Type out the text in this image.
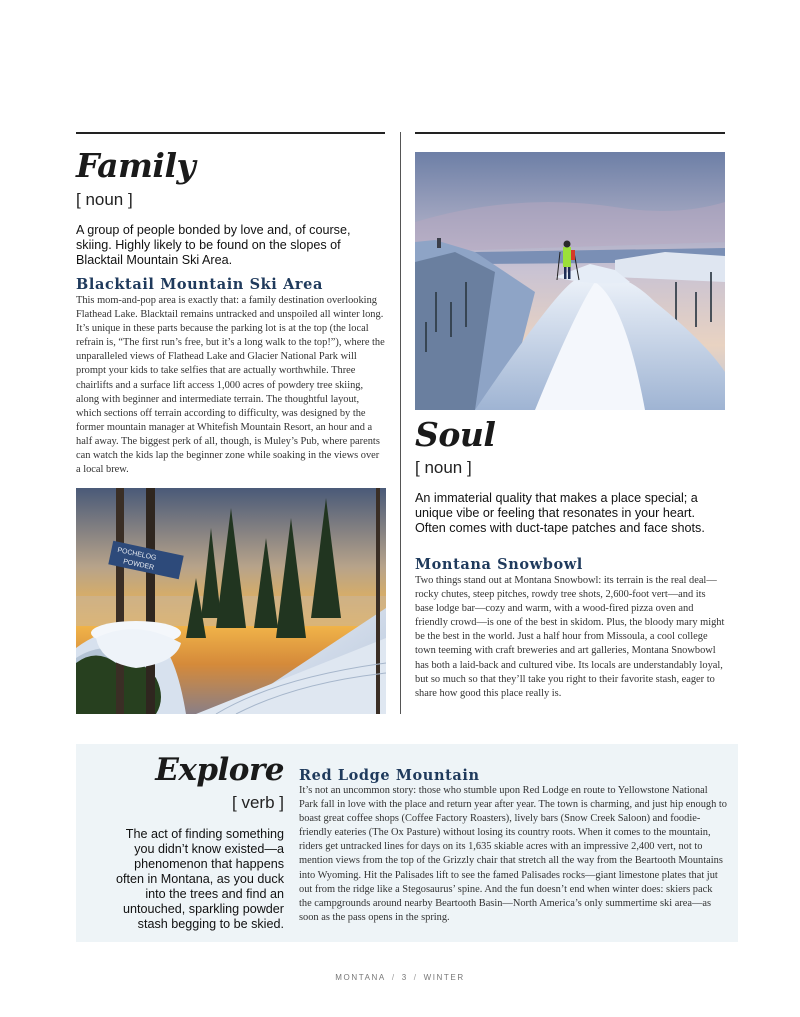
Family
[ noun ]
A group of people bonded by love and, of course, skiing. Highly likely to be found on the slopes of Blacktail Mountain Ski Area.
Blacktail Mountain Ski Area
This mom-and-pop area is exactly that: a family destination overlooking Flathead Lake. Blacktail remains untracked and unspoiled all winter long. It’s unique in these parts because the parking lot is at the top (the local refrain is, “The first run’s free, but it’s a long walk to the top!”), where the unparalleled views of Flathead Lake and Glacier National Park will prompt your kids to take selfies that are actually worthwhile. Three chairlifts and a surface lift access 1,000 acres of powdery tree skiing, along with beginner and intermediate terrain. The thoughtful layout, which sections off terrain according to difficulty, was designed by the former mountain manager at Whitefish Mountain Resort, an hour and a half away. The biggest perk of all, though, is Muley’s Pub, where parents can watch the kids lap the beginner zone while soaking in the views over a local brew.
POCHELOG
POWDER
Soul
[ noun ]
An immaterial quality that makes a place special; a unique vibe or feeling that resonates in your heart. Often comes with duct-tape patches and face shots.
Montana Snowbowl
Two things stand out at Montana Snowbowl: its terrain is the real deal—rocky chutes, steep pitches, rowdy tree shots, 2,600-foot vert—and its base lodge bar—cozy and warm, with a wood-fired pizza oven and friendly crowd—is one of the best in skidom. Plus, the bloody mary might be the best in the world. Just a half hour from Missoula, a cool college town teeming with craft breweries and art galleries, Montana Snowbowl has both a laid-back and cultured vibe. Its locals are understandably loyal, but so much so that they’ll take you right to their favorite stash, eager to share how good this place really is.
Explore
[ verb ]
The act of finding something you didn’t know existed—a phenomenon that happens often in Montana, as you duck into the trees and find an untouched, sparkling powder stash begging to be skied.
Red Lodge Mountain
It’s not an uncommon story: those who stumble upon Red Lodge en route to Yellowstone National Park fall in love with the place and return year after year. The town is charming, and just hip enough to boast great coffee shops (Coffee Factory Roasters), lively bars (Snow Creek Saloon) and foodie-friendly eateries (The Ox Pasture) without losing its country roots. When it comes to the mountain, riders get untracked lines for days on its 1,635 skiable acres with an impressive 2,400 vert, not to mention views from the top of the Grizzly chair that stretch all the way from the Beartooth Mountains into Wyoming. Hit the Palisades lift to see the famed Palisades rocks—giant limestone plates that jut out from the ridge like a Stegosaurus’ spine. And the fun doesn’t end when winter does: skiers pack the campgrounds around nearby Beartooth Basin—North America’s only summertime ski area—as soon as the pass opens in the spring.
MONTANA / 3 / WINTER
